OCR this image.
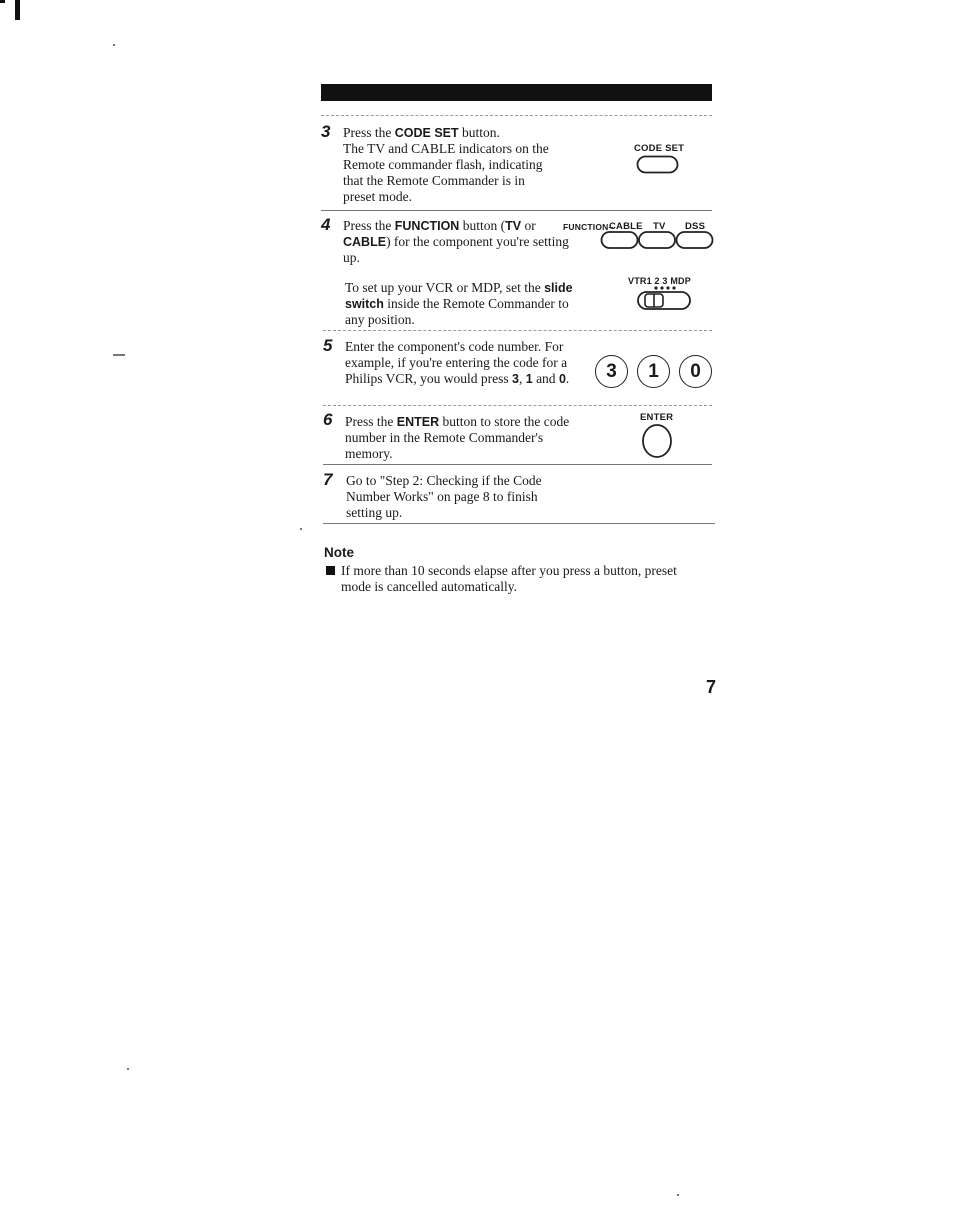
3 Press the CODE SET button.
The TV and CABLE indicators on the Remote commander flash, indicating that the Remote Commander is in preset mode.
CODE SET
4 Press the FUNCTION button (TV or CABLE) for the component you're setting up.
To set up your VCR or MDP, set the slide switch inside the Remote Commander to any position.
FUNCTION–
CABLE TV DSS
VTR1 2 3 MDP
5 Enter the component's code number. For example, if you're entering the code for a Philips VCR, you would press 3, 1 and 0.	3	1	0
6 Press the ENTER button to store the code number in the Remote Commander's memory.
ENTER
7 Go to "Step 2: Checking if the Code Number Works" on page 8 to finish setting up.
Note
If more than 10 seconds elapse after you press a button, preset mode is cancelled automatically.
7
